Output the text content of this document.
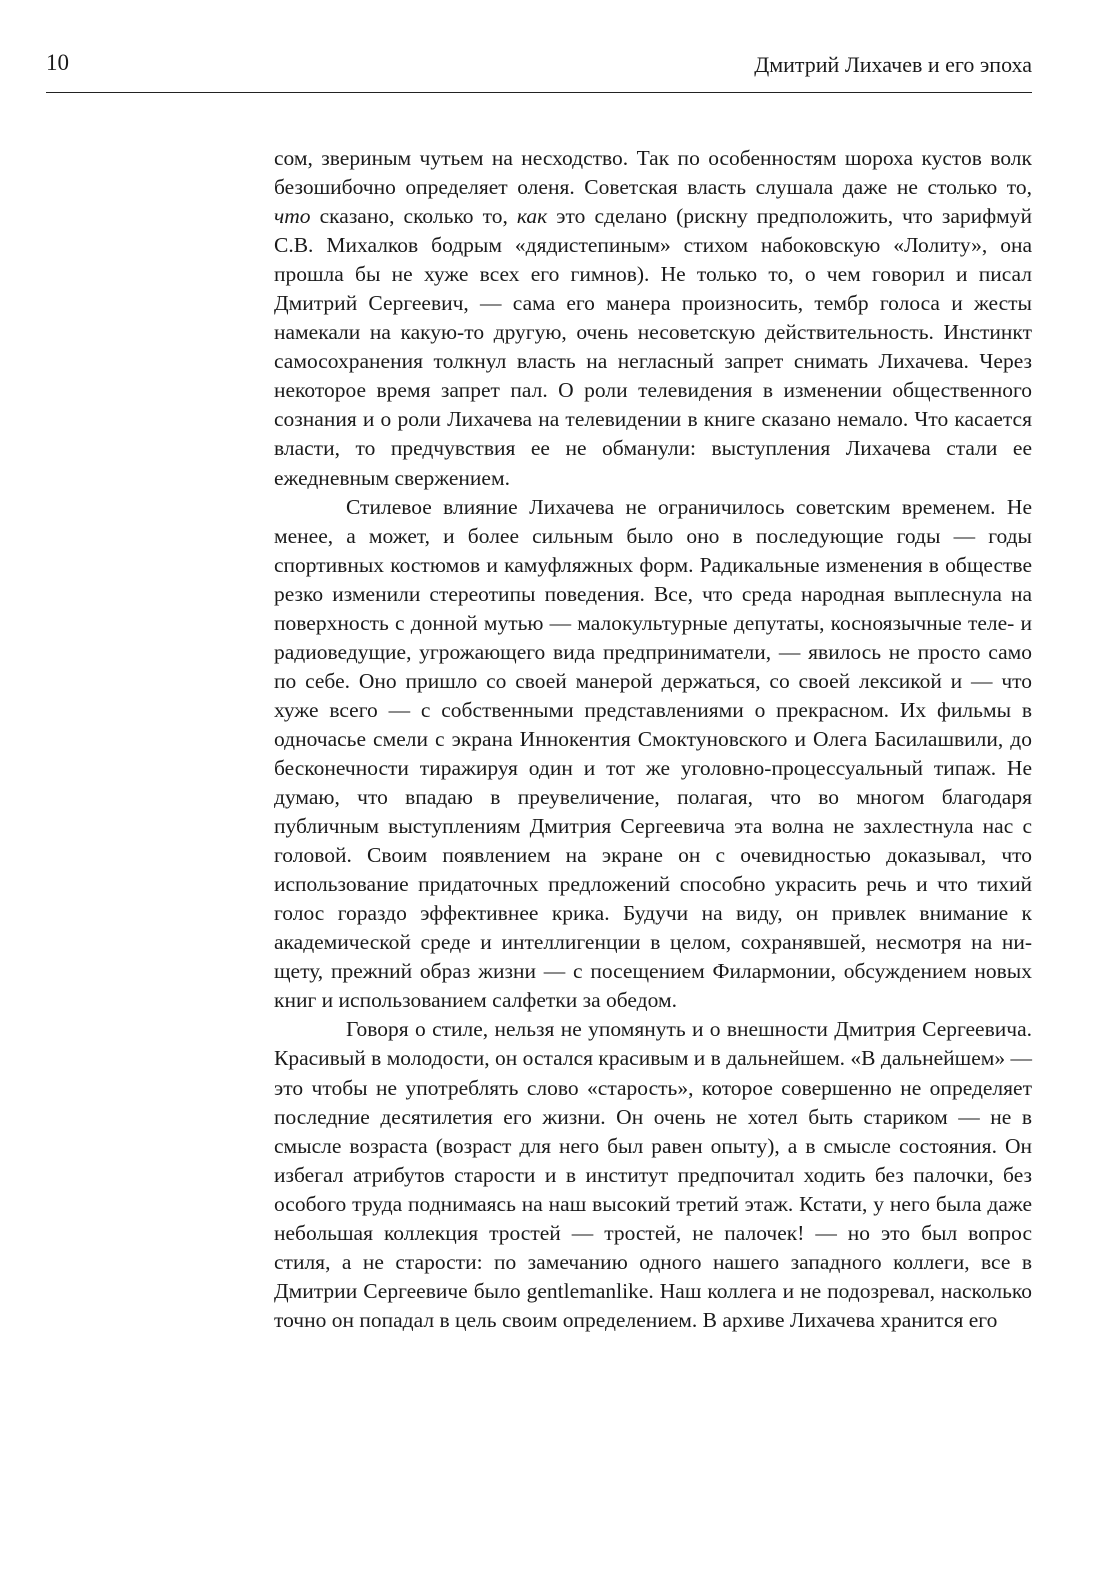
10	Дмитрий Лихачев и его эпоха

сом, звериным чутьем на несходство. Так по особенностям шороха кустов волк безошибочно определяет оленя. Советская власть слушала даже не столько то, что сказано, сколько то, как это сделано (рискну предположить, что зарифмуй С.В. Михалков бодрым «дядистепиным» стихом набоковскую «Лолиту», она прошла бы не хуже всех его гимнов). Не только то, о чем говорил и писал Дмитрий Сергеевич, — сама его манера произносить, тембр голоса и жесты намекали на какую-то другую, очень несоветскую действительность. Инстинкт самосохранения толкнул власть на негласный запрет снимать Лихачева. Через некоторое время запрет пал. О роли телевидения в изменении общественного сознания и о роли Лихачева на телевидении в книге сказано немало. Что касается власти, то предчувствия ее не обманули: выступления Лихачева стали ее ежедневным свержением.

Стилевое влияние Лихачева не ограничилось советским временем. Не менее, а может, и более сильным было оно в последующие годы — годы спортивных костюмов и камуфляжных форм. Радикальные изменения в обществе резко изменили стереотипы поведения. Все, что среда народная выплеснула на поверхность с донной мутью — малокультурные депутаты, косноязычные теле- и радиоведущие, угрожающего вида предприниматели, — явилось не просто само по себе. Оно пришло со своей манерой держаться, со своей лексикой и — что хуже всего — с собственными представлениями о прекрасном. Их фильмы в одночасье смели с экрана Иннокентия Смоктуновского и Олега Басилашвили, до бесконечности тиражируя один и тот же уголовно-процессуальный типаж. Не думаю, что впадаю в преувеличение, полагая, что во многом благодаря публичным выступлениям Дмитрия Сергеевича эта волна не захлестнула нас с головой. Своим появлением на экране он с очевидностью доказывал, что использование придаточных предложений способно украсить речь и что тихий голос гораздо эффективнее крика. Будучи на виду, он привлек внимание к академической среде и интеллигенции в целом, сохранявшей, несмотря на нищету, прежний образ жизни — с посещением Филармонии, обсуждением новых книг и использованием салфетки за обедом.

Говоря о стиле, нельзя не упомянуть и о внешности Дмитрия Сергеевича. Красивый в молодости, он остался красивым и в дальнейшем. «В дальнейшем» — это чтобы не употреблять слово «старость», которое совершенно не определяет последние десятилетия его жизни. Он очень не хотел быть стариком — не в смысле возраста (возраст для него был равен опыту), а в смысле состояния. Он избегал атрибутов старости и в институт предпочитал ходить без палочки, без особого труда поднимаясь на наш высокий третий этаж. Кстати, у него была даже небольшая коллекция тростей — тростей, не палочек! — но это был вопрос стиля, а не старости: по замечанию одного нашего западного коллеги, все в Дмитрии Сергеевиче было gentlemanlike. Наш коллега и не подозревал, насколько точно он попадал в цель своим определением. В архиве Лихачева хранится его
